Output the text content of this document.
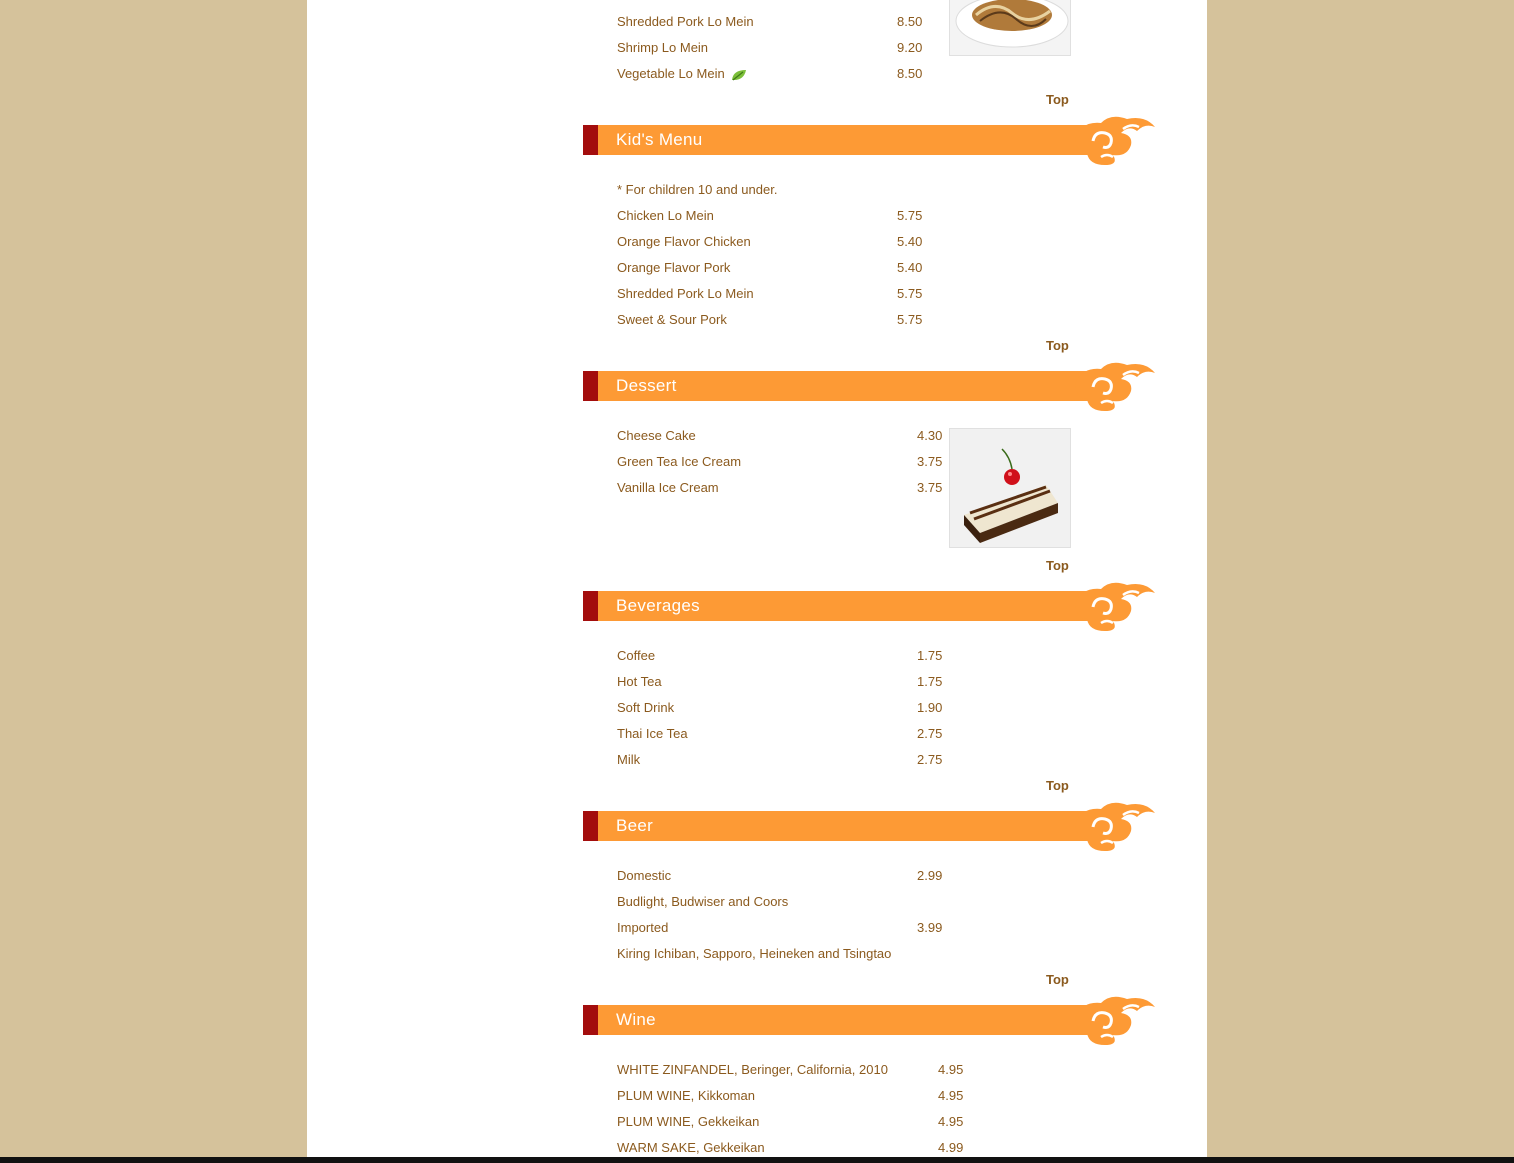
Shredded Pork Lo Mein	8.50
Shrimp Lo Mein	9.20
Vegetable Lo Mein	8.50
Top
Kid's Menu
* For children 10 and under.
Chicken Lo Mein	5.75
Orange Flavor Chicken	5.40
Orange Flavor Pork	5.40
Shredded Pork Lo Mein	5.75
Sweet & Sour Pork	5.75
Top
Dessert
Cheese Cake	4.30
Green Tea Ice Cream	3.75
Vanilla Ice Cream	3.75
Top
Beverages
Coffee	1.75
Hot Tea	1.75
Soft Drink	1.90
Thai Ice Tea	2.75
Milk	2.75
Top
Beer
Domestic	2.99
Budlight, Budwiser and Coors
Imported	3.99
Kiring Ichiban, Sapporo, Heineken and Tsingtao
Top
Wine
WHITE ZINFANDEL, Beringer, California, 2010	4.95
PLUM WINE, Kikkoman	4.95
PLUM WINE, Gekkeikan	4.95
WARM SAKE, Gekkeikan	4.99
